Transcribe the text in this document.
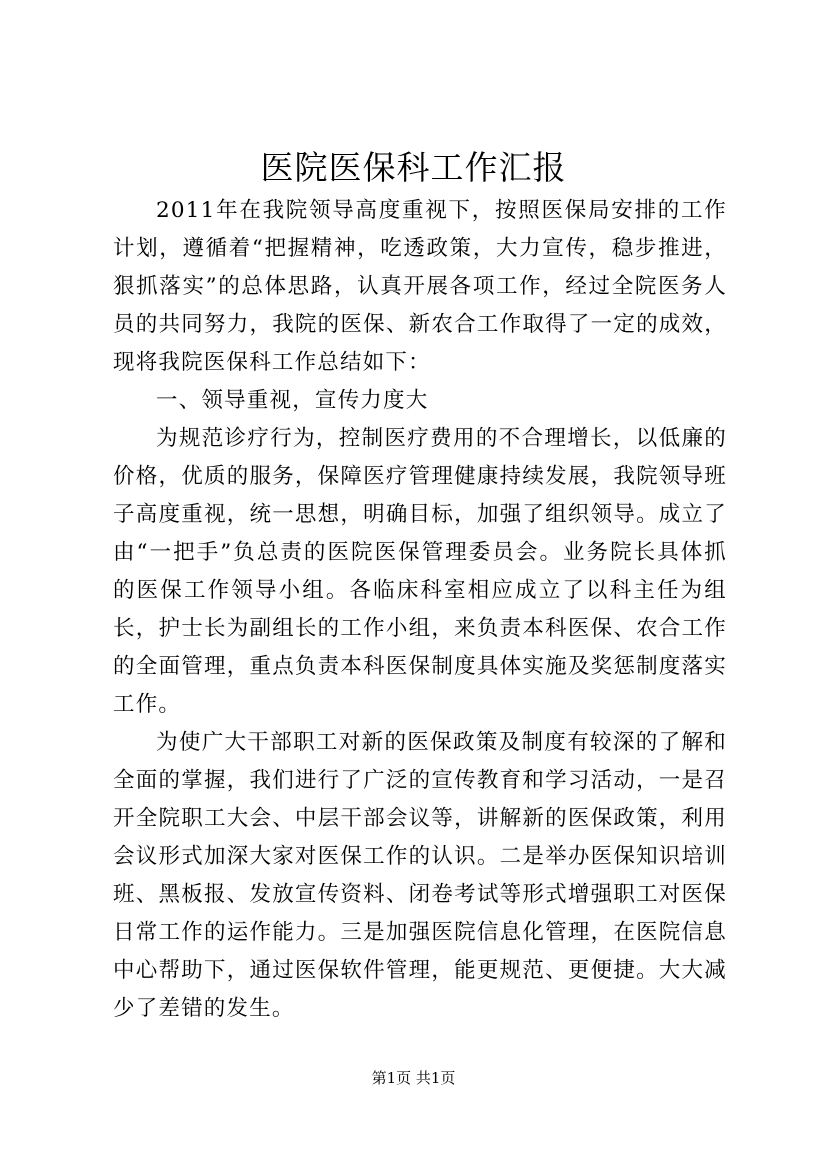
医院医保科工作汇报

2011年在我院领导高度重视下，按照医保局安排的工作计划，遵循着“把握精神，吃透政策，大力宣传，稳步推进，狠抓落实”的总体思路，认真开展各项工作，经过全院医务人员的共同努力，我院的医保、新农合工作取得了一定的成效，现将我院医保科工作总结如下：

一、领导重视，宣传力度大

为规范诊疗行为，控制医疗费用的不合理增长，以低廉的价格，优质的服务，保障医疗管理健康持续发展，我院领导班子高度重视，统一思想，明确目标，加强了组织领导。成立了由“一把手”负总责的医院医保管理委员会。业务院长具体抓的医保工作领导小组。各临床科室相应成立了以科主任为组长，护士长为副组长的工作小组，来负责本科医保、农合工作的全面管理，重点负责本科医保制度具体实施及奖惩制度落实工作。

为使广大干部职工对新的医保政策及制度有较深的了解和全面的掌握，我们进行了广泛的宣传教育和学习活动，一是召开全院职工大会、中层干部会议等，讲解新的医保政策，利用会议形式加深大家对医保工作的认识。二是举办医保知识培训班、黑板报、发放宣传资料、闭卷考试等形式增强职工对医保日常工作的运作能力。三是加强医院信息化管理，在医院信息中心帮助下，通过医保软件管理，能更规范、更便捷。大大减少了差错的发生。

第1页 共1页
